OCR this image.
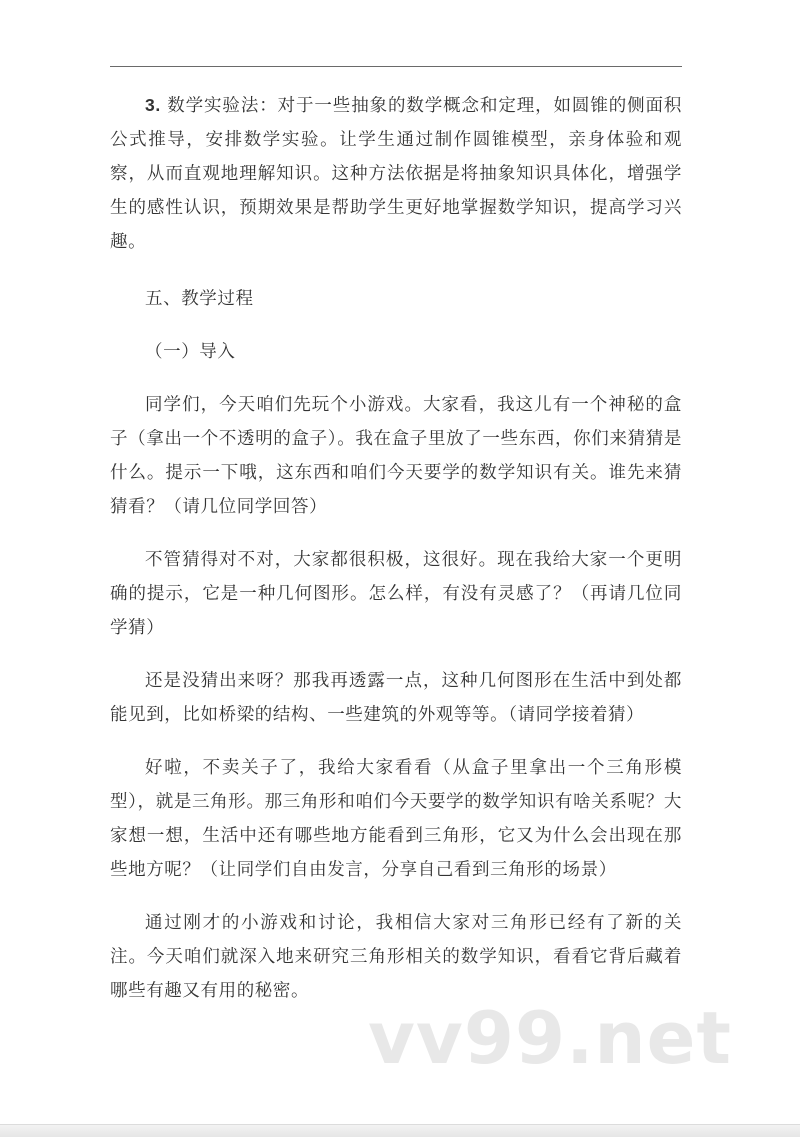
3. 数学实验法：对于一些抽象的数学概念和定理，如圆锥的侧面积公式推导，安排数学实验。让学生通过制作圆锥模型，亲身体验和观察，从而直观地理解知识。这种方法依据是将抽象知识具体化，增强学生的感性认识，预期效果是帮助学生更好地掌握数学知识，提高学习兴趣。

五、教学过程

（一）导入

同学们，今天咱们先玩个小游戏。大家看，我这儿有一个神秘的盒子（拿出一个不透明的盒子）。我在盒子里放了一些东西，你们来猜猜是什么。提示一下哦，这东西和咱们今天要学的数学知识有关。谁先来猜猜看？（请几位同学回答）

不管猜得对不对，大家都很积极，这很好。现在我给大家一个更明确的提示，它是一种几何图形。怎么样，有没有灵感了？（再请几位同学猜）

还是没猜出来呀？那我再透露一点，这种几何图形在生活中到处都能见到，比如桥梁的结构、一些建筑的外观等等。（请同学接着猜）

好啦，不卖关子了，我给大家看看（从盒子里拿出一个三角形模型），就是三角形。那三角形和咱们今天要学的数学知识有啥关系呢？大家想一想，生活中还有哪些地方能看到三角形，它又为什么会出现在那些地方呢？（让同学们自由发言，分享自己看到三角形的场景）

通过刚才的小游戏和讨论，我相信大家对三角形已经有了新的关注。今天咱们就深入地来研究三角形相关的数学知识，看看它背后藏着哪些有趣又有用的秘密。

vv99.net
